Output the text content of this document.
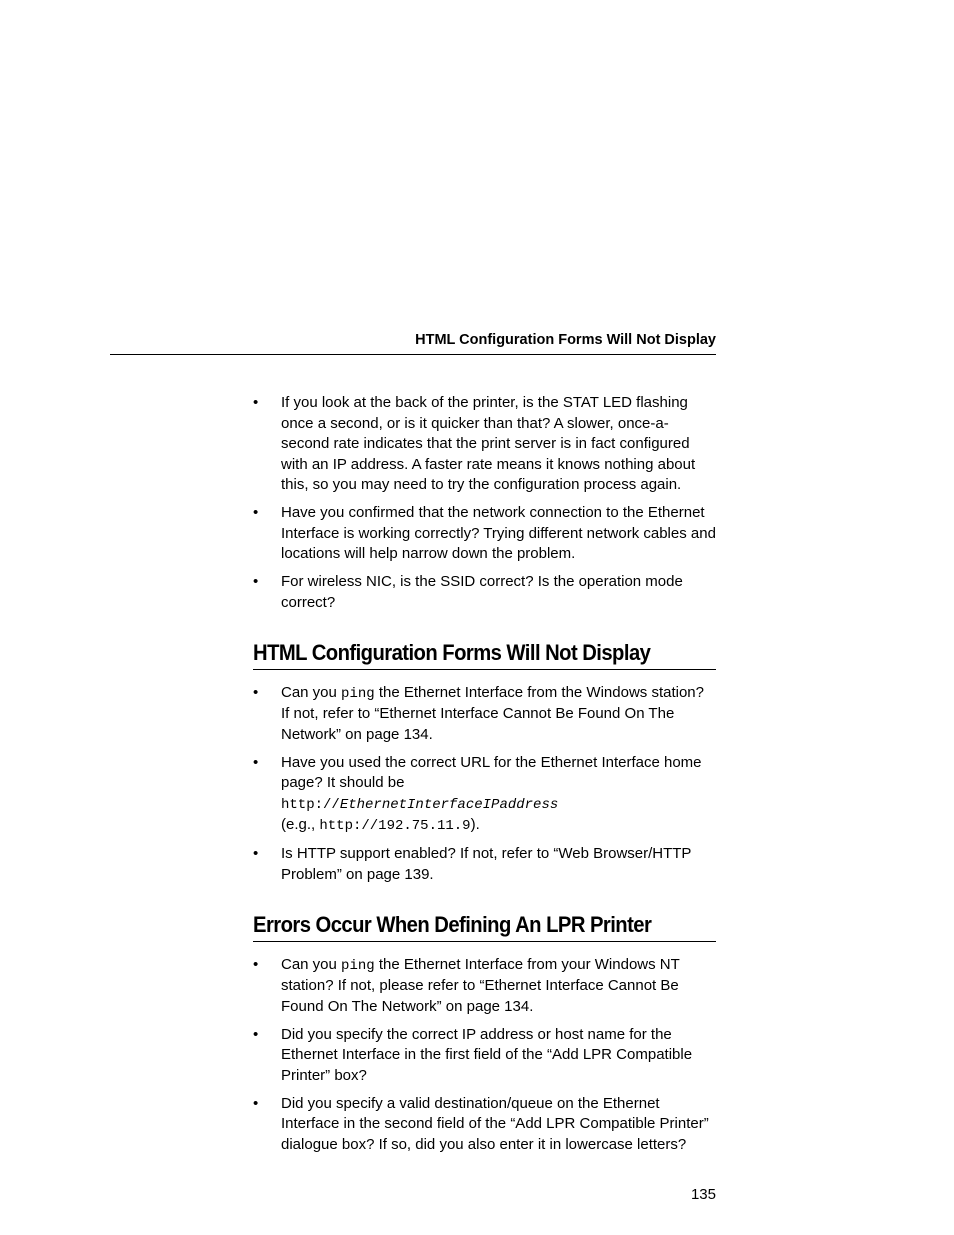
HTML Configuration Forms Will Not Display
•	If you look at the back of the printer, is the STAT LED flashing once a second, or is it quicker than that? A slower, once-a-second rate indicates that the print server is in fact configured with an IP address. A faster rate means it knows nothing about this, so you may need to try the configuration process again.
•	Have you confirmed that the network connection to the Ethernet Interface is working correctly? Trying different network cables and locations will help narrow down the problem.
•	For wireless NIC, is the SSID correct? Is the operation mode correct?
HTML Configuration Forms Will Not Display
•	Can you ping the Ethernet Interface from the Windows station? If not, refer to “Ethernet Interface Cannot Be Found On The Network” on page 134.
•	Have you used the correct URL for the Ethernet Interface home page? It should be
http://EthernetInterfaceIPaddress
(e.g., http://192.75.11.9).
•	Is HTTP support enabled? If not, refer to “Web Browser/HTTP Problem” on page 139.
Errors Occur When Defining An LPR Printer
•	Can you ping the Ethernet Interface from your Windows NT station? If not, please refer to “Ethernet Interface Cannot Be Found On The Network” on page 134.
•	Did you specify the correct IP address or host name for the Ethernet Interface in the first field of the “Add LPR Compatible Printer” box?
•	Did you specify a valid destination/queue on the Ethernet Interface in the second field of the “Add LPR Compatible Printer” dialogue box? If so, did you also enter it in lowercase letters?
135
